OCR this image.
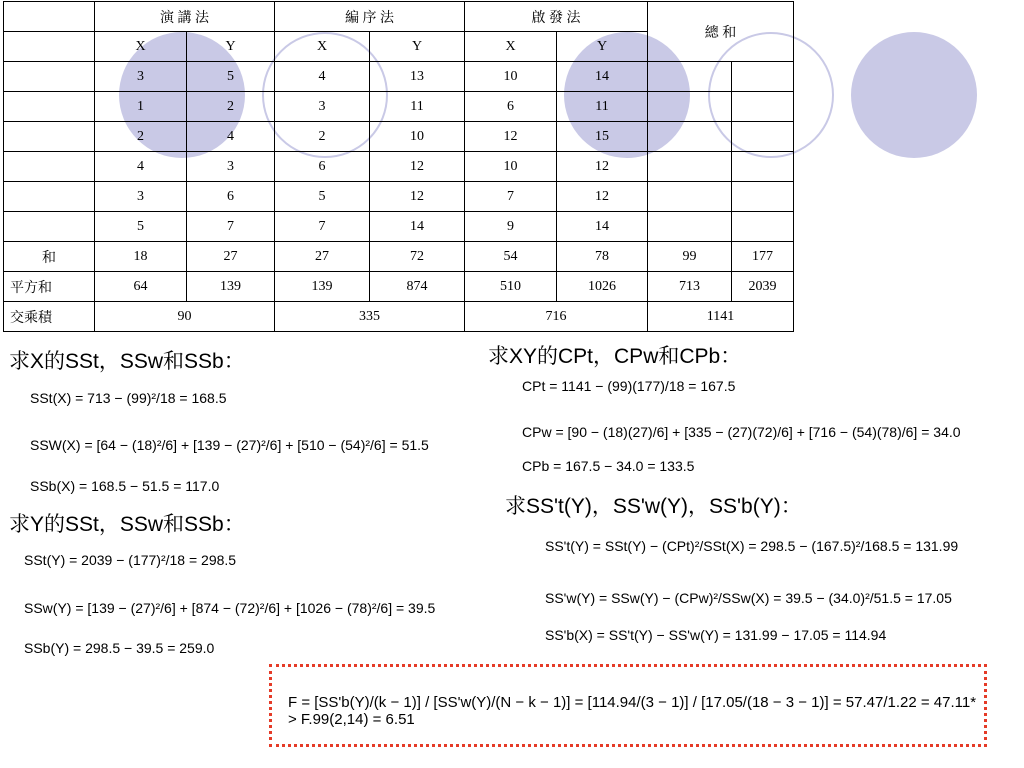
	演 講 法		編 序 法		啟 發 法		總 和	
	X	Y	X	Y	X	Y		
	3	5	4	13	10	14		
	1	2	3	11	6	11		
	2	4	2	10	12	15		
	4	3	6	12	10	12		
	3	6	5	12	7	12		
	5	7	7	14	9	14		
和	18	27	27	72	54	78	99	177
平方和	64	139	139	874	510	1026	713	2039
交乘積	90		335		716		1141	
求X的SSt，SSw和SSb：
求Y的SSt，SSw和SSb：
求XY的CPt，CPw和CPb：
求SS't(Y)，SS'w(Y)，SS'b(Y)：
SSt(X) = 713 − (99)²/18 = 168.5
SSW(X) = [64 − (18)²/6] + [139 − (27)²/6] + [510 − (54)²/6] = 51.5
SSb(X) = 168.5 − 51.5 = 117.0
SSt(Y) = 2039 − (177)²/18 = 298.5
SSw(Y) = [139 − (27)²/6] + [874 − (72)²/6] + [1026 − (78)²/6] = 39.5
SSb(Y) = 298.5 − 39.5 = 259.0
CPt = 1141 − (99)(177)/18 = 167.5
CPw = [90 − (18)(27)/6] + [335 − (27)(72)/6] + [716 − (54)(78)/6] = 34.0
CPb = 167.5 − 34.0 = 133.5
SS't(Y) = SSt(Y) − (CPt)²/SSt(X) = 298.5 − (167.5)²/168.5 = 131.99
SS'w(Y) = SSw(Y) − (CPw)²/SSw(X) = 39.5 − (34.0)²/51.5 = 17.05
SS'b(X) = SS't(Y) − SS'w(Y) = 131.99 − 17.05 = 114.94
F = [SS'b(Y)/(k − 1)] / [SS'w(Y)/(N − k − 1)] = [114.94/(3 − 1)] / [17.05/(18 − 3 − 1)] = 57.47/1.22 = 47.11* > F.99(2,14) = 6.51
